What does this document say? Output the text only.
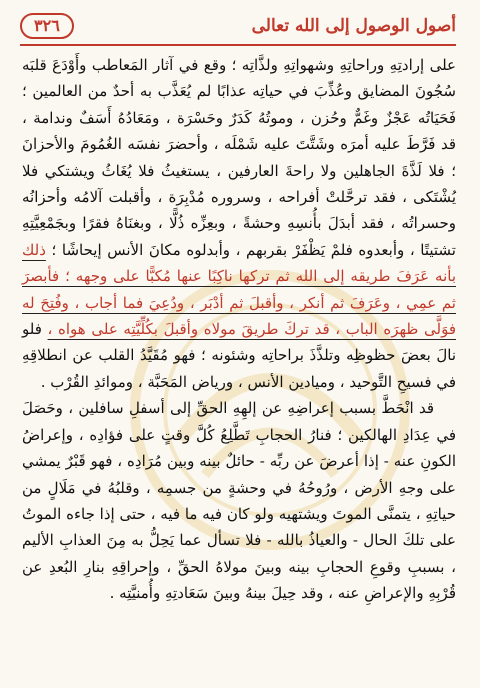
٣٢٦	أصول الوصول إلى الله تعالى

على إرادتِهِ وراحاتِهِ وشهواتِهِ ولذَّاتِه ؛ وقع في آثار المَعاطب وأَوْدَعَ قلبَه سُجُونَ المضايق وعُذِّبَ في حياتِه عذابًا لم يُعَذَّب به أحدٌ من العالمين ؛ فَحَيَاتُه عَجْزٌ وغَمٌّ وحُزن ، وموتُهُ كَدَرٌ وحَسْرَة ، ومَعَادُهُ أَسَفٌ وندامة ، قد فَرَّطَ عليه أمرَه وشَتَّتَ عليه شَمْلَه ، وأحضرَ نفسَه الغُمُومَ والأحزانَ ؛ فلا لَذَّةَ الجاهلين ولا راحةَ العارفين ، يستغيثُ فلا يُغَاثُ ويشتكي فلا يُشْتَكى ، فقد ترحَّلتْ أفراحه ، وسروره مُدْبِرَة ، وأقبلت آلامُه وأحزانُه وحسراتُه ، فقد أبدَلَ بأُنسِهِ وحشةً ، وبعِزِّه ذُلًّا ، وبغنَاهُ فقرًا وبجَمْعِيَّتِهِ تشتيتًا ، وأبعدوه فلمْ يَظْفَرْ بقربهم ، وأبدلوه مكانَ الأنس إيحاشًا ؛ ذلك بأنه عَرَفَ طريقه إلى الله ثم تركها ناكِبًا عنها مُكبًّا على وجهه ؛ فأبصرَ ثم عمِي ، وعَرَفَ ثم أنكر ، وأقبلَ ثم أدْبَر ، ودُعِيَ فما أجاب ، وفُتِحَ له فوَلَّى ظهرَه الباب ، قد تركَ طريقَ مولاه وأقبلَ بكُلِّيَّتِه على هواه ، فلو نالَ بعضَ حظوظِه وتلذَّذَ براحاتِه وشئونه ؛ فهو مُقَيَّدُ القلب عن انطلاقِهِ في فسيحِ التَّوحيد ، وميادين الأنس ، ورياض المَحَبَّة ، وموائدِ القُرْب .

قد انْحَطَّ بسبب إعراضِهِ عن إلهِهِ الحقِّ إلى أسفلِ سافلين ، وحَصَلَ في عِدَادِ الهالكين ؛ فنارُ الحجابِ تَطَّلِعُ كُلَّ وقتٍ على فؤادِه ، وإعراضُ الكونِ عنه - إذا أعرضَ عن ربِّه - حائلٌ بينه وبين مُرَادِه ، فهو قَبْرٌ يمشي على وجهِ الأرض ، ورُوحُهُ في وحشةٍ من جسمِه ، وقلبُهُ في مَلَالٍ من حياتِهِ ، يتمنَّى الموتَ ويشتهيه ولو كان فيه ما فيه ، حتى إذا جاءه الموتُ على تلكَ الحال - والعياذُ بالله - فلا تسأل عما يَحِلُّ به مِنَ العذابِ الأليم ، بسببِ وقوعِ الحجابِ بينه وبينَ مولاهُ الحقِّ ، وإحراقِهِ بنارِ البُعدِ عن قُرْبِهِ والإعراضِ عنه ، وقد حِيلَ بينهُ وبينَ سَعَادتِهِ وأُمنيَّتِه .
